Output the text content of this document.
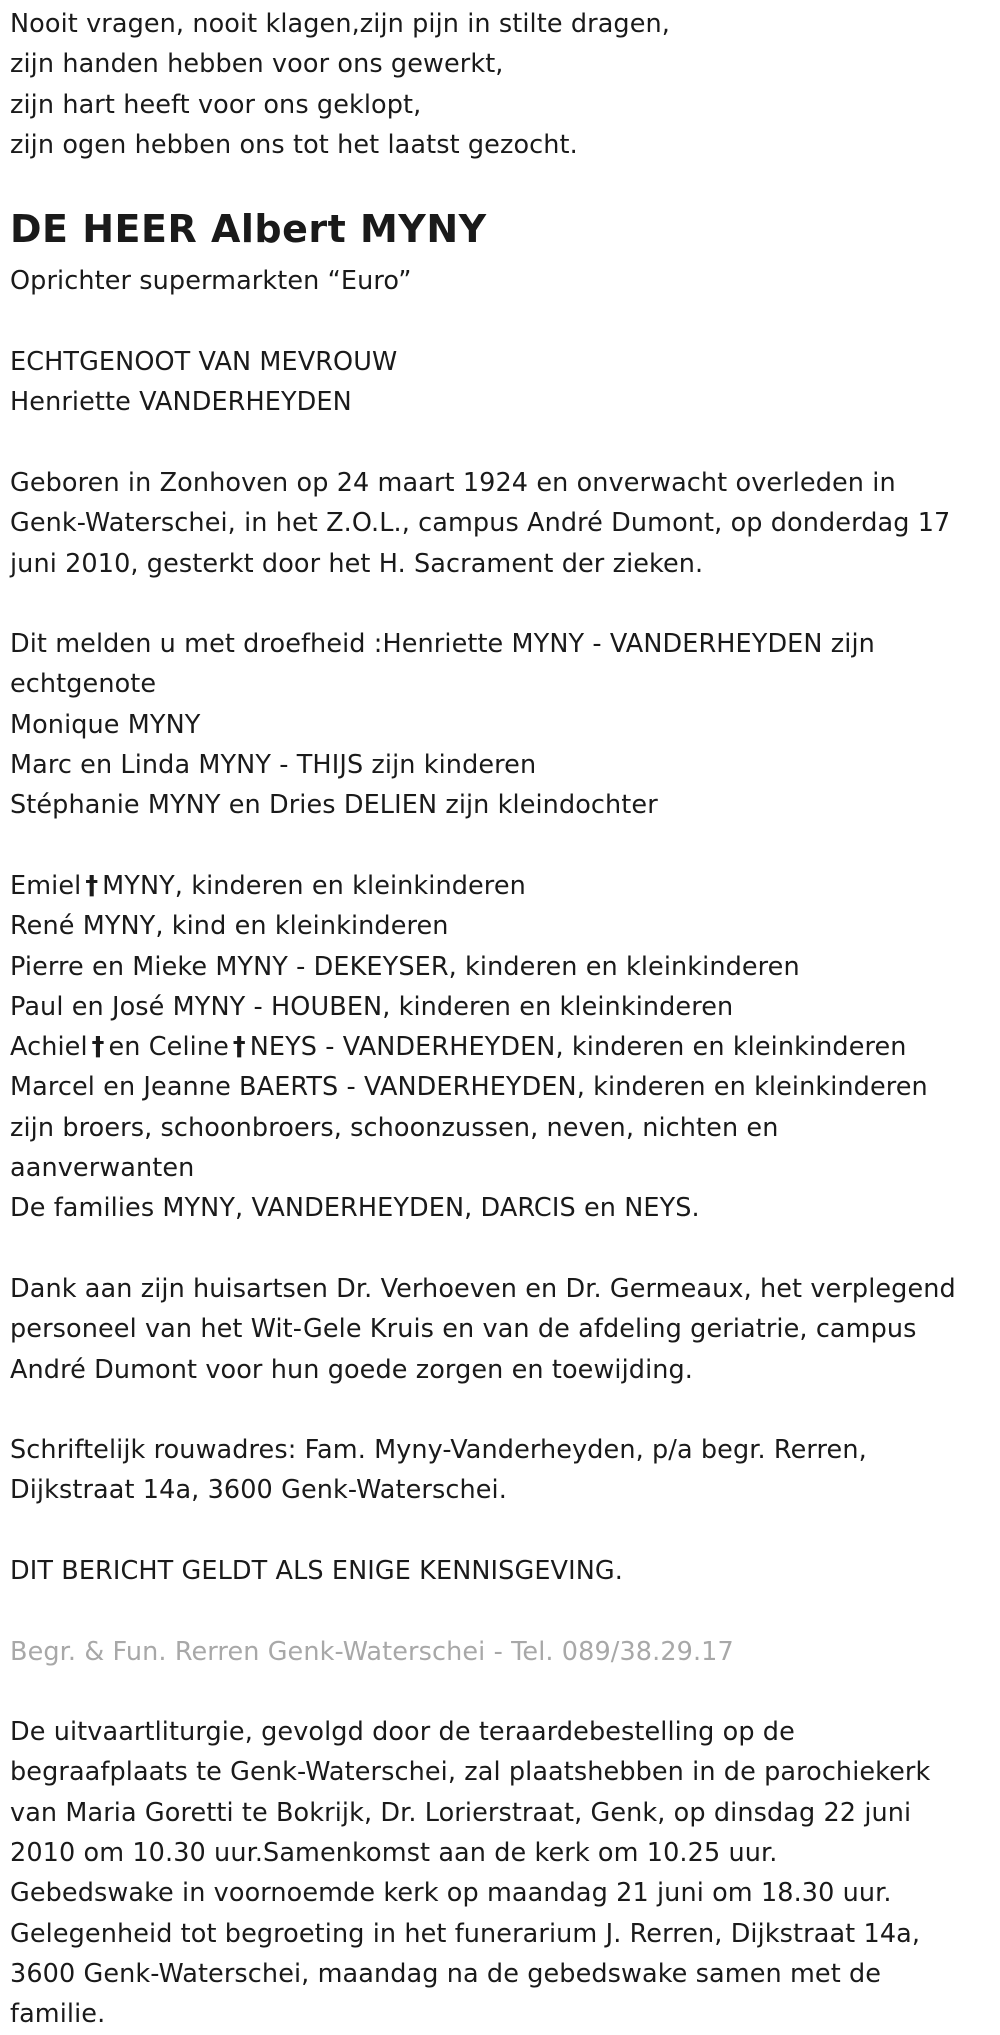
Nooit vragen, nooit klagen,zijn pijn in stilte dragen,
zijn handen hebben voor ons gewerkt,
zijn hart heeft voor ons geklopt,
zijn ogen hebben ons tot het laatst gezocht.
DE HEER Albert MYNY
Oprichter supermarkten “Euro”
ECHTGENOOT VAN MEVROUW
Henriette VANDERHEYDEN
Geboren in Zonhoven op 24 maart 1924 en onverwacht overleden in
Genk-Waterschei, in het Z.O.L., campus André Dumont, op donderdag 17
juni 2010, gesterkt door het H. Sacrament der zieken.
Dit melden u met droefheid :Henriette MYNY - VANDERHEYDEN zijn
echtgenote
Monique MYNY
Marc en Linda MYNY - THIJS zijn kinderen
Stéphanie MYNY en Dries DELIEN zijn kleindochter
Emiel † MYNY, kinderen en kleinkinderen
René MYNY, kind en kleinkinderen
Pierre en Mieke MYNY - DEKEYSER, kinderen en kleinkinderen
Paul en José MYNY - HOUBEN, kinderen en kleinkinderen
Achiel † en Celine † NEYS - VANDERHEYDEN, kinderen en kleinkinderen
Marcel en Jeanne BAERTS - VANDERHEYDEN, kinderen en kleinkinderen
zijn broers, schoonbroers, schoonzussen, neven, nichten en
aanverwanten
De families MYNY, VANDERHEYDEN, DARCIS en NEYS.
Dank aan zijn huisartsen Dr. Verhoeven en Dr. Germeaux, het verplegend
personeel van het Wit-Gele Kruis en van de afdeling geriatrie, campus
André Dumont voor hun goede zorgen en toewijding.
Schriftelijk rouwadres: Fam. Myny-Vanderheyden, p/a begr. Rerren,
Dijkstraat 14a, 3600 Genk-Waterschei.
DIT BERICHT GELDT ALS ENIGE KENNISGEVING.
Begr. & Fun. Rerren Genk-Waterschei - Tel. 089/38.29.17
De uitvaartliturgie, gevolgd door de teraardebestelling op de
begraafplaats te Genk-Waterschei, zal plaatshebben in de parochiekerk
van Maria Goretti te Bokrijk, Dr. Lorierstraat, Genk, op dinsdag 22 juni
2010 om 10.30 uur.Samenkomst aan de kerk om 10.25 uur.
Gebedswake in voornoemde kerk op maandag 21 juni om 18.30 uur.
Gelegenheid tot begroeting in het funerarium J. Rerren, Dijkstraat 14a,
3600 Genk-Waterschei, maandag na de gebedswake samen met de
familie.
